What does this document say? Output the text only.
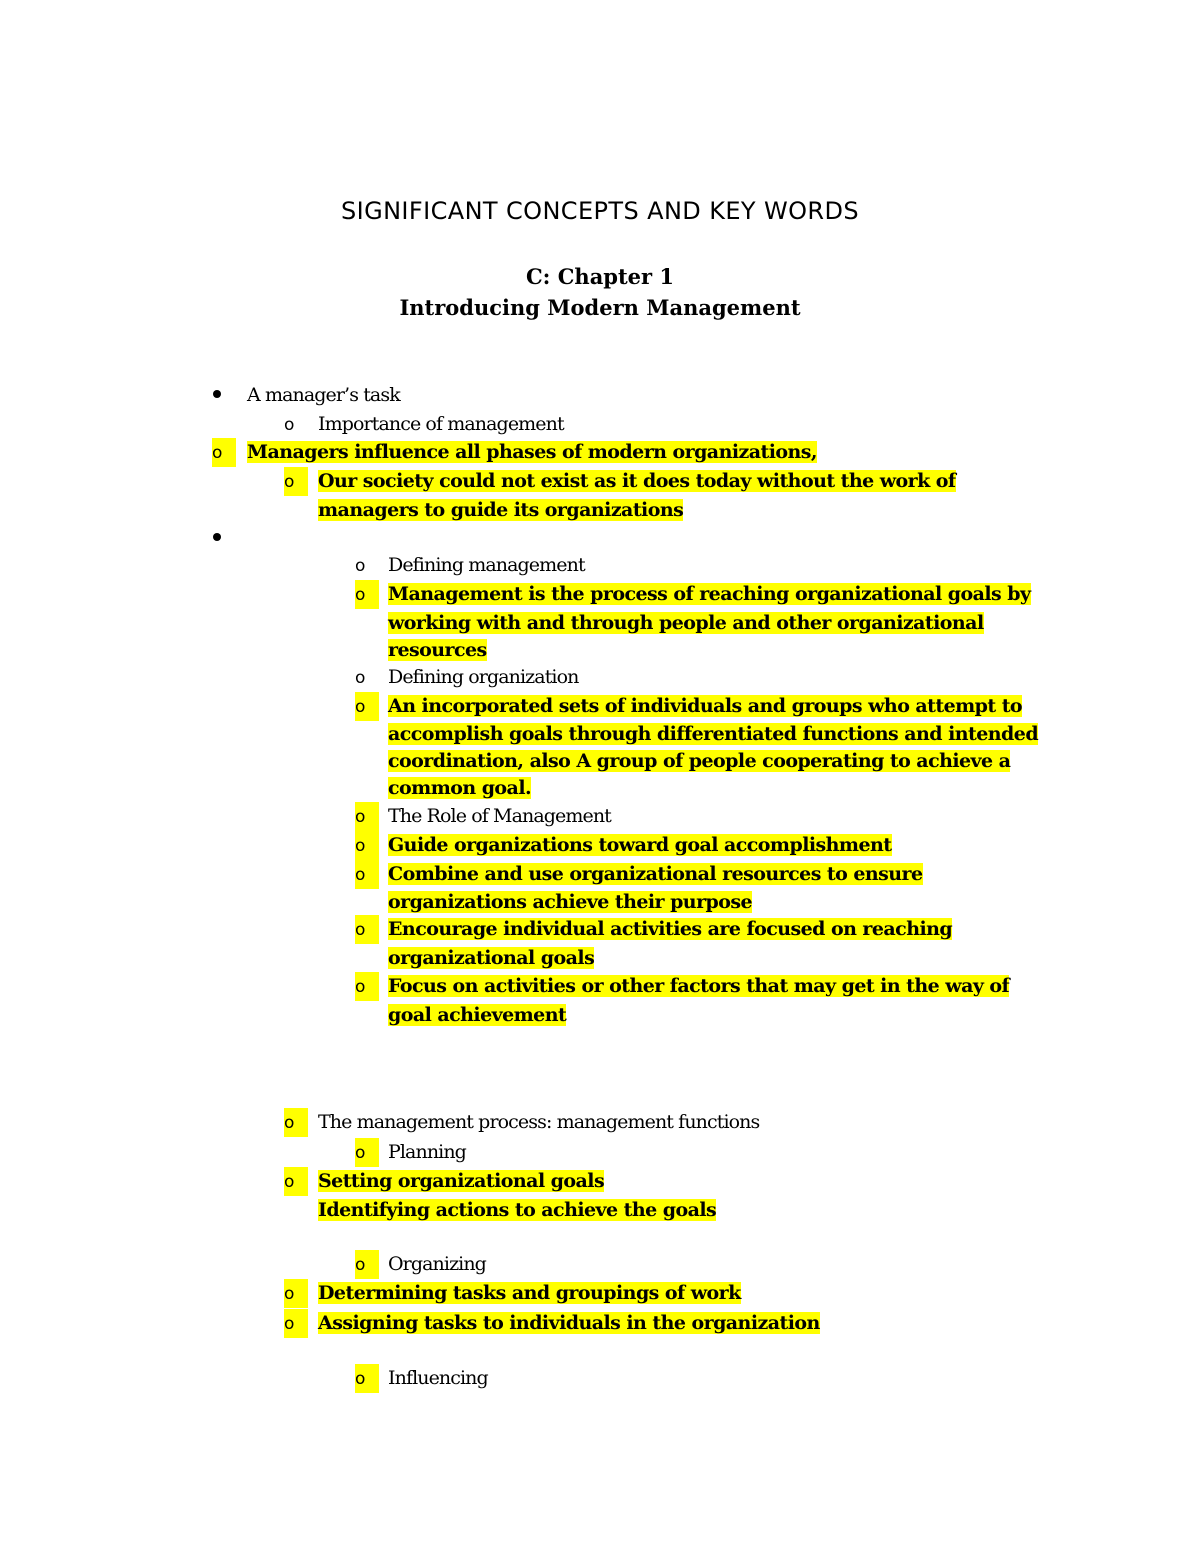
SIGNIFICANT CONCEPTS AND KEY WORDS
C: Chapter 1
Introducing Modern Management
A manager’s task
o Importance of management
o	Managers influence all phases of modern organizations,
o	Our society could not exist as it does today without the work of
managers to guide its organizations
o Defining management
o	Management is the process of reaching organizational goals by
working with and through people and other organizational
resources
o Defining organization
o	An incorporated sets of individuals and groups who attempt to
accomplish goals through differentiated functions and intended
coordination, also A group of people cooperating to achieve a
common goal.
o	The Role of Management
o	Guide organizations toward goal accomplishment
o	Combine and use organizational resources to ensure
organizations achieve their purpose
o	Encourage individual activities are focused on reaching
organizational goals
o	Focus on activities or other factors that may get in the way of
goal achievement
o	The management process: management functions
o	Planning
o	Setting organizational goals
Identifying actions to achieve the goals
o	Organizing
o	Determining tasks and groupings of work
o	Assigning tasks to individuals in the organization
o	Influencing
